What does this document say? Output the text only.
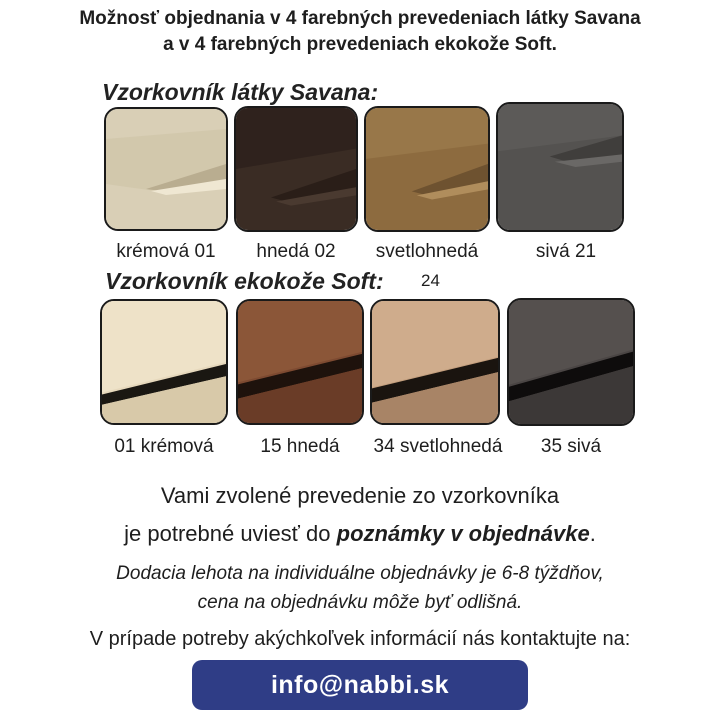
Možnosť objednania v 4 farebných prevedeniach látky Savana
a v 4 farebných prevedeniach ekokože Soft.
Vzorkovník látky Savana:
krémová 01	hnedá 02	svetlohnedá	sivá 21
Vzorkovník ekokože Soft: 24
01 krémová	15 hnedá	34 svetlohnedá	35 sivá
Vami zvolené prevedenie zo vzorkovníka
je potrebné uviesť do poznámky v objednávke.
Dodacia lehota na individuálne objednávky je 6-8 týždňov,
cena na objednávku môže byť odlišná.
V prípade potreby akýchkoľvek informácií nás kontaktujte na:
info@nabbi.sk
